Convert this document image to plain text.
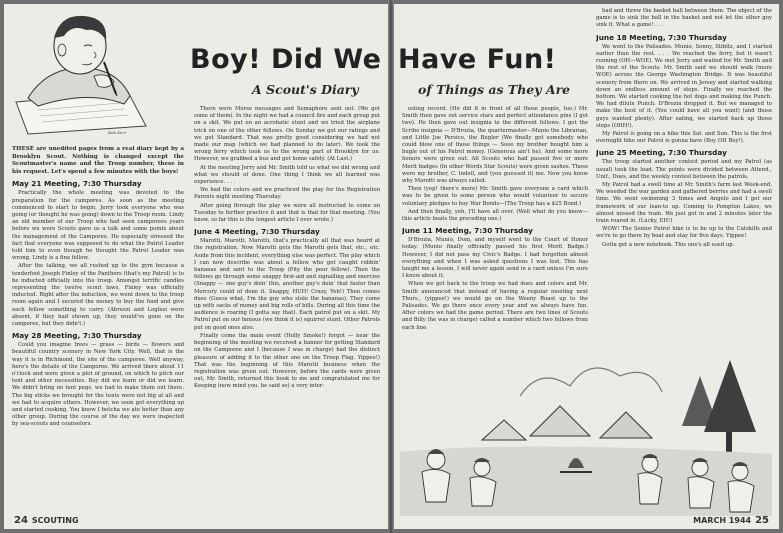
Bob Kerr
Boy! Did We
A Scout's Diary

THESE are unedited pages from a real diary kept by a Brooklyn Scout. Nothing is changed except the Scoutmaster's name and the Troop number, these in his request. Let's spend a few minutes with the boys!

May 21 Meeting, 7:30 Thursday

Practically the whole meeting was devoted to the preparation for the campores. As soon as the meeting commenced to start to begin, Jerry took everyone who was going (or thought he was going) down to the Troop room. Lindy an old member of our Troop who had seen camporees years before we were Scouts gave us a talk and some points about the management of the Camporee. He especially stressed the fact that everyone was supposed to do what the Patrol Leader told him to even though he thought the Patrol Leader was wrong. Lindy is a fine fellow.

After the talking, we all rushed up to the gym because a tenderfoot Joseph Finley of the Panthers (that's my Patrol) is to be inducted officially into the troop. Amongst terrific candles representing the twelve scout laws, Finley was officially inducted. Right after the induction, we went down to the troop room again and I secured the money to buy the food and give each fellow something to carry. (Abrezzi and Loglesi were absent, if they had shown up, they would've gone on the camporee, but they didn't.)

May 28 Meeting, 7:30 Thursday

Could you imagine trees — grass — birds — flowers and beautiful country scenery in New York City. Well, that is the way it is in Richmond, the site of the camporee. Well anyway, here's the details of the Camporee. We arrived there about 11 o'clock and were given a plot of ground, on which to pitch our tent and other necessities. Boy did we learn or did we learn. We didn't bring no tent pegs, we had to make them out there. The big sticks we brought for the tents were not big at all and we had to acquire others. However, we soon got everything up and started cooking. You know I betcha we ate better than any other group. During the course of the day we were inspected by sea-scouts and counselors.

There were Morse messages and Semaphore sent out. (We got some of them). In the night we had a council fire and each group put on a skit. We put on an acrobatic stunt and we tried the airplane trick on one of the other fellows. On Sunday we got our ratings and we got Standard. That was pretty good considering we had not made our map (which we had planned to do later). We took the wrong ferry which took us to the wrong part of Brooklyn for us. However, we grabbed a bus and got home safely. (At Last.)

At the meeting Jerry and Mr. Smith told us what we did wrong and what we should of done. One thing I think we all learned was experience. . . .

We had the colors and we practiced the play for the Registration Parents night meeting Thursday.

After going through the play we were all instructed to come on Tuesday to further practice it and that is that for that meeting. (You know, so far this is the longest article I ever wrote.)

June 4 Meeting, 7:30 Thursday

Marotti, Marotti, Marotti, that's practically all that was heard at the registration. Now Marotti gets the Marotti gets that, etc., etc. Aside from this incident, everything else was perfect. The play which I can now describe was about a fellow who got caught robbin' bananas and sent to the Troop (Pity the poor fellow). Then the fellows go through some snappy first-aid and signalling and exercise (Snappy — one guy's doin' this, another guy's doin' that faster than Mercury could of done it. Snappy, HUH! Crazy, Yeh!) Then comes dues (Guess what, I'm the guy who stole the bananas). They come up with sacks of money and big rolls of bills. During all this time the audience is roaring (I gotta say that). Each patrol put on a skit. My Patrol put on our famous (we think it is) squirrel stunt. Other Patrols put on good ones also.

Finally come the main event (Holly Smoke!) forgot — near the beginning of the meeting we received a banner for getting Standard on the Camporee and I (because I was in charge) had the distinct pleasure of adding it to the other one on the Troop Flag. Yippee!) That was the beginning of this Marotti business when the registration was given out. However, before the cards were given out, Mr. Smith, returned this book to me and congratulated me for Keeping (now mind you, he said so) a very inter-

24 SCOUTING
Have Fun!
of Things as They Are

esting record. (He did it in front of all those people, too.) Mr. Smith then gave out service stars and perfect attendance pins (I got two). He then gave out insignia to the different fellows. I got the Scribe insignia — D'Brozia, the quartermaster—Munio the Librarian, and Little Joe Persico, the Bugler (We finally got somebody who could blow one of those things — Sooo my brother bought him a bugle out of his Patrol money. (Generous ain't he). And some more honors were given out. All Scouts who had passed five or more Merit badges (In other Words Star Scouts) were given sashes. These were my brother, C. Indell, and (you guessed it) me. Now you know why Marotti was always called.

Then (yep! there's more) Mr. Smith gave everyone a card which was to be given to some person who would volunteer to secure voluntary pledges to buy War Bonds—(The Troop has a $25 Bond.)

And then finally, yeh, I'll have all over. (Well what do you know—this article beats the preceding one.)

June 11 Meeting, 7:30 Thursday

D'Brozia, Munio, Dom, and myself went to the Court of Honor today. (Munio finally officially passed his first Merit Badge.) However, I did not pass my Civic's Badge. I had forgotten almost everything and when I was asked questions I was lost. This has taught me a lesson, I will never again send in a card unless I'm sure I know about it.

When we got back to the troop we had dues and colors and Mr. Smith announced that instead of having a regular meeting next Thurs., (yippee!) we would go on the Weeny Roast up to the Palisades. We go there once every year and we always have fun. After colors we had the game period. There are two lines of Scouts and Billy (he was in charge) called a number which two fellows from each line

had and threw the basket ball between them. The object of the game is to sink the ball in the basket and not let the other guy sink it. What a game! . . .

June 18 Meeting, 7:30 Thursday

We went to the Palisades. Munio, Sonny, Stibitz, and I started earlier than the rest. . . . We reached the ferry, but it wasn't running (OH—WOE). We met Jerry and waited for Mr. Smith and the rest of the Scouts. Mr. Smith said we should walk (more WOE) across the George Washington Bridge. It was beautiful scenery from there on. We arrived in Jersey and started walking down an endless amount of steps. Finally we reached the bottom. We started cooking the hot dogs and making the Punch. We had dilute Punch. D'Brozia dropped it. But we managed to make the best of it. (You could have all you want) (and those guys wanted plenty). After eating, we started back up those steps (OHH!).

My Patrol is going on a hike this Sat. and Sun. This is the first overnight hike our Patrol is gonna have (Boy OH Boy!).

June 25 Meeting, 7:30 Thursday

The troop started another contest period and my Patrol (as usual) took the lead. The points were divided between Attend., Unif., Dues, and the weekly contest between the patrols.

My Patrol had a swell time at Mr. Smith's farm last Week-end. We weeded the war garden and gathered berries and had a swell time. We went swimming 3 times and Angelo and I got our framework of our lean-to up. Coming to Pompton Lakes, we almost missed the train. We just got in and 2 minutes later the train roared in. (Lucky, EH!)

WOW! The Senior Patrol hike is to be up to the Catskills and we're to go there by boat and stay for five days. Yippee!

Gotta get a new notebook. This one's all used up.

MARCH 1944 25
